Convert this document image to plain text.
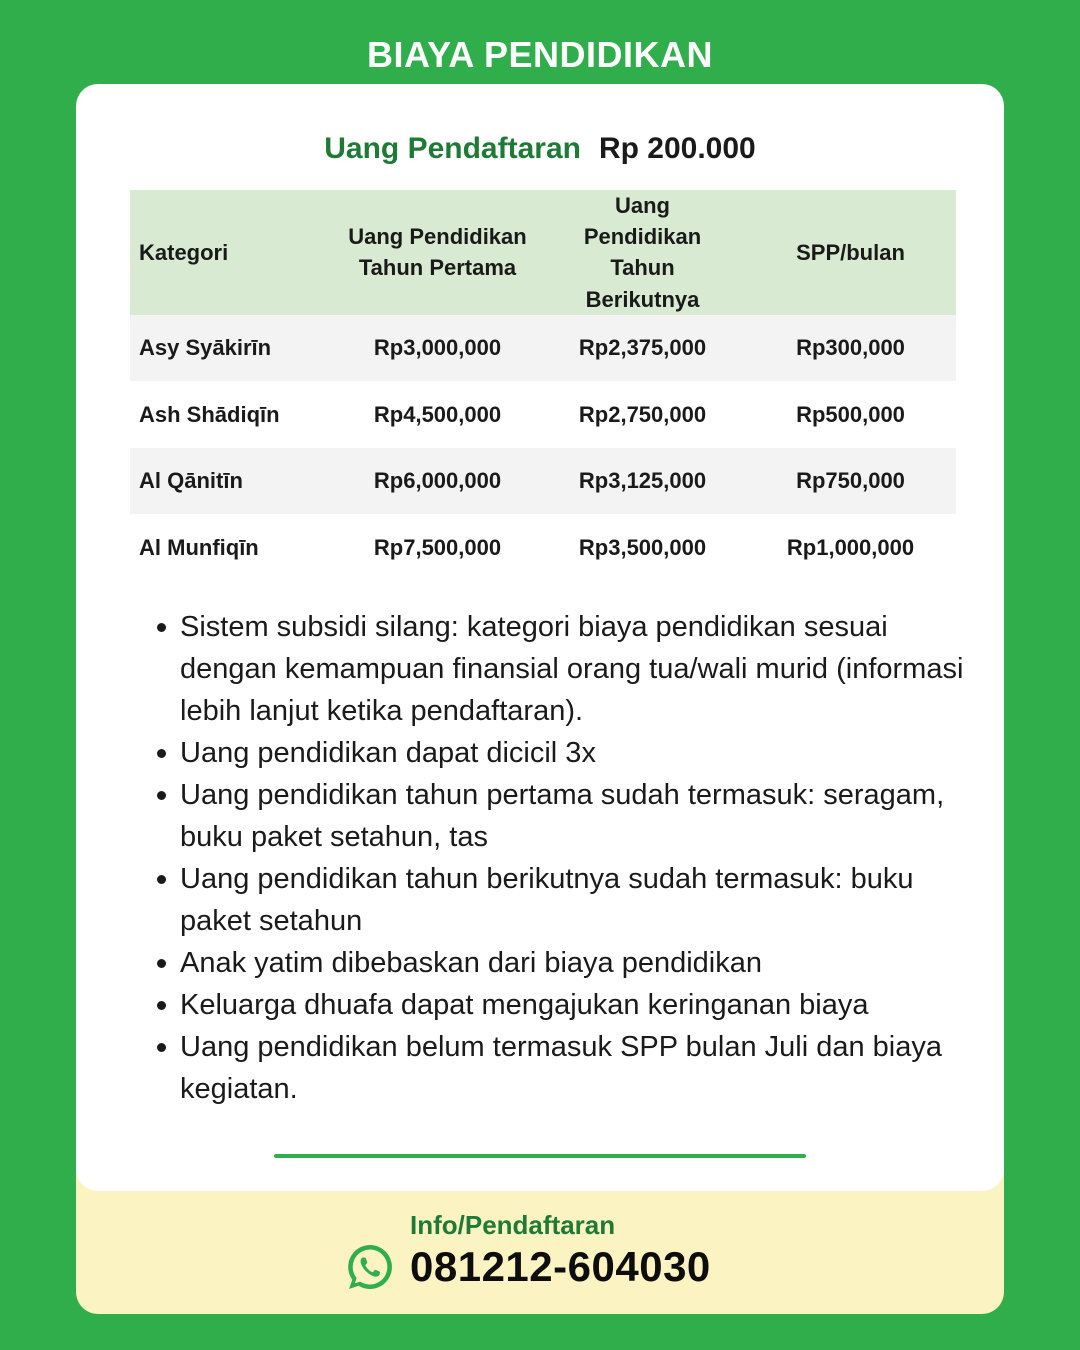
BIAYA PENDIDIKAN
Uang Pendaftaran Rp 200.000
Kategori	Uang Pendidikan Tahun Pertama	Uang Pendidikan Tahun Berikutnya	SPP/bulan
Asy Syākirīn	Rp3,000,000	Rp2,375,000	Rp300,000
Ash Shādiqīn	Rp4,500,000	Rp2,750,000	Rp500,000
Al Qānitīn	Rp6,000,000	Rp3,125,000	Rp750,000
Al Munfiqīn	Rp7,500,000	Rp3,500,000	Rp1,000,000
Sistem subsidi silang: kategori biaya pendidikan sesuai dengan kemampuan finansial orang tua/wali murid (informasi lebih lanjut ketika pendaftaran).
Uang pendidikan dapat dicicil 3x
Uang pendidikan tahun pertama sudah termasuk: seragam, buku paket setahun, tas
Uang pendidikan tahun berikutnya sudah termasuk: buku paket setahun
Anak yatim dibebaskan dari biaya pendidikan
Keluarga dhuafa dapat mengajukan keringanan biaya
Uang pendidikan belum termasuk SPP bulan Juli dan biaya kegiatan.
Info/Pendaftaran
081212-604030
